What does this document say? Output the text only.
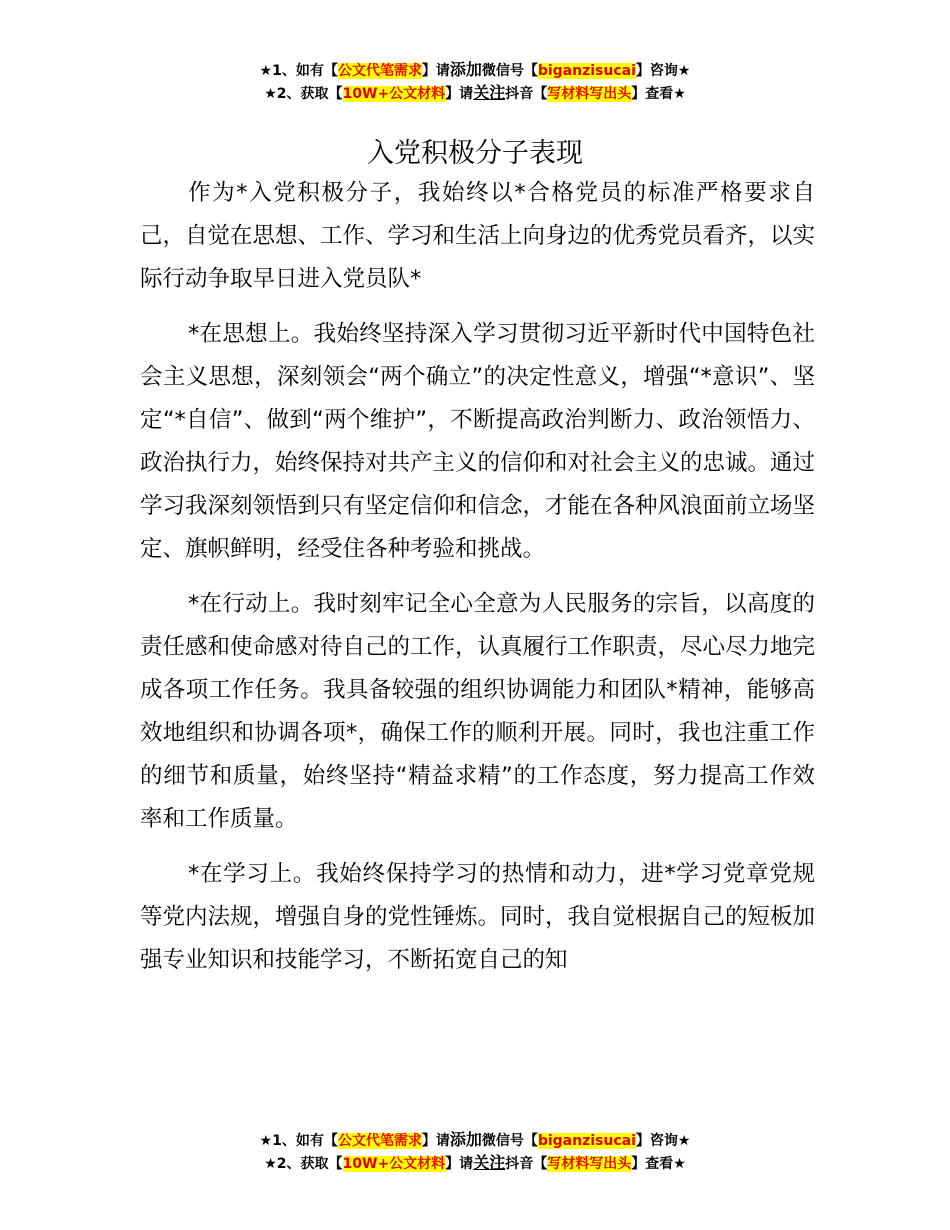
★1、如有【公文代笔需求】请添加微信号【biganzisucai】咨询★
★2、获取【10W+公文材料】请关注抖音【写材料写出头】查看★
入党积极分子表现

作为*入党积极分子，我始终以*合格党员的标准严格要求自己，自觉在思想、工作、学习和生活上向身边的优秀党员看齐，以实际行动争取早日进入党员队*

*在思想上。我始终坚持深入学习贯彻习近平新时代中国特色社会主义思想，深刻领会“两个确立”的决定性意义，增强“*意识”、坚定“*自信”、做到“两个维护”，不断提高政治判断力、政治领悟力、政治执行力，始终保持对共产主义的信仰和对社会主义的忠诚。通过学习我深刻领悟到只有坚定信仰和信念，才能在各种风浪面前立场坚定、旗帜鲜明，经受住各种考验和挑战。

*在行动上。我时刻牢记全心全意为人民服务的宗旨，以高度的责任感和使命感对待自己的工作，认真履行工作职责，尽心尽力地完成各项工作任务。我具备较强的组织协调能力和团队*精神，能够高效地组织和协调各项*，确保工作的顺利开展。同时，我也注重工作的细节和质量，始终坚持“精益求精”的工作态度，努力提高工作效率和工作质量。

*在学习上。我始终保持学习的热情和动力，进*学习党章党规等党内法规，增强自身的党性锤炼。同时，我自觉根据自己的短板加强专业知识和技能学习，不断拓宽自己的知

★1、如有【公文代笔需求】请添加微信号【biganzisucai】咨询★
★2、获取【10W+公文材料】请关注抖音【写材料写出头】查看★
